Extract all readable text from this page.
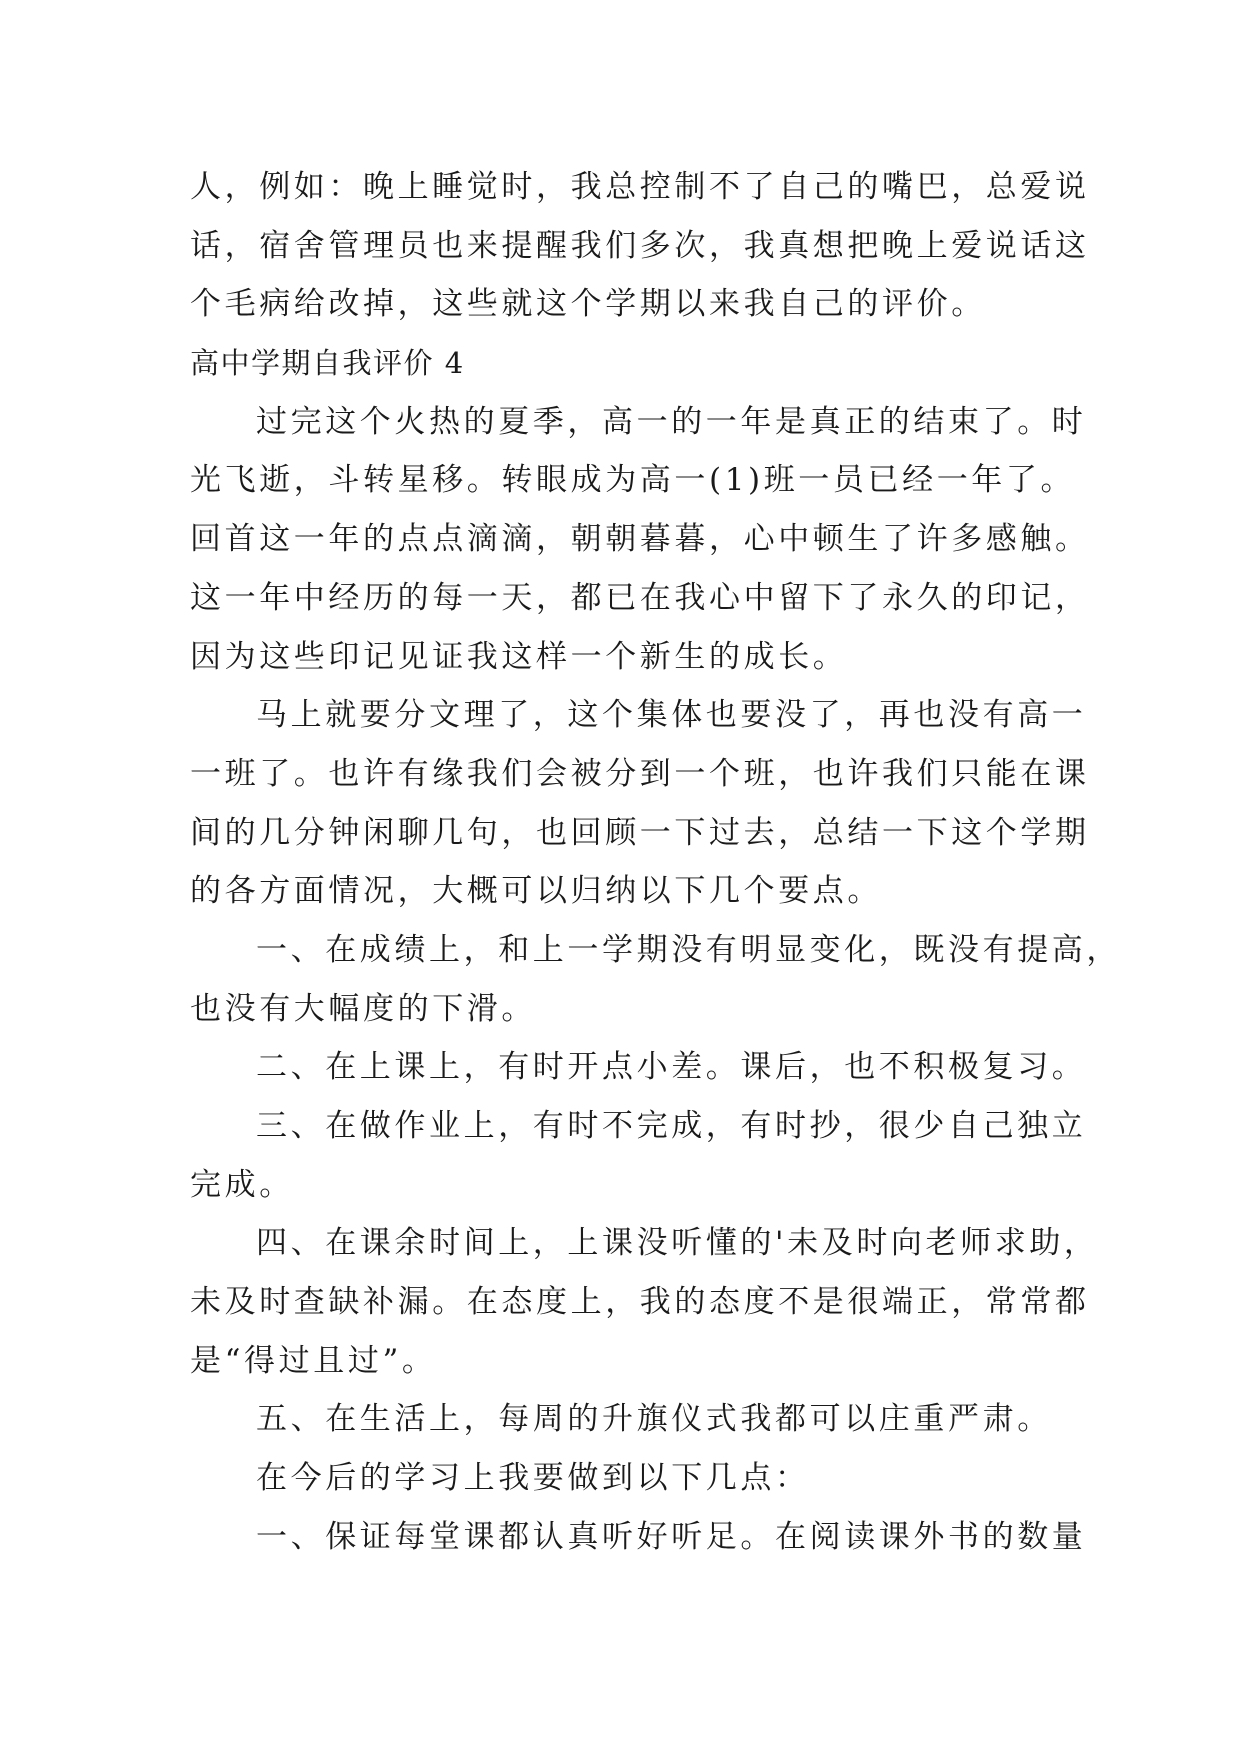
人，例如：晚上睡觉时，我总控制不了自己的嘴巴，总爱说
话，宿舍管理员也来提醒我们多次，我真想把晚上爱说话这
个毛病给改掉，这些就这个学期以来我自己的评价。
高中学期自我评价 4
过完这个火热的夏季，高一的一年是真正的结束了。时
光飞逝，斗转星移。转眼成为高一(1)班一员已经一年了。
回首这一年的点点滴滴，朝朝暮暮，心中顿生了许多感触。
这一年中经历的每一天，都已在我心中留下了永久的印记，
因为这些印记见证我这样一个新生的成长。
马上就要分文理了，这个集体也要没了，再也没有高一
一班了。也许有缘我们会被分到一个班，也许我们只能在课
间的几分钟闲聊几句，也回顾一下过去，总结一下这个学期
的各方面情况，大概可以归纳以下几个要点。
一、在成绩上，和上一学期没有明显变化，既没有提高，
也没有大幅度的下滑。
二、在上课上，有时开点小差。课后，也不积极复习。
三、在做作业上，有时不完成，有时抄，很少自己独立
完成。
四、在课余时间上，上课没听懂的'未及时向老师求助，
未及时查缺补漏。在态度上，我的态度不是很端正，常常都
是“得过且过”。
五、在生活上，每周的升旗仪式我都可以庄重严肃。
在今后的学习上我要做到以下几点：
一、保证每堂课都认真听好听足。在阅读课外书的数量
